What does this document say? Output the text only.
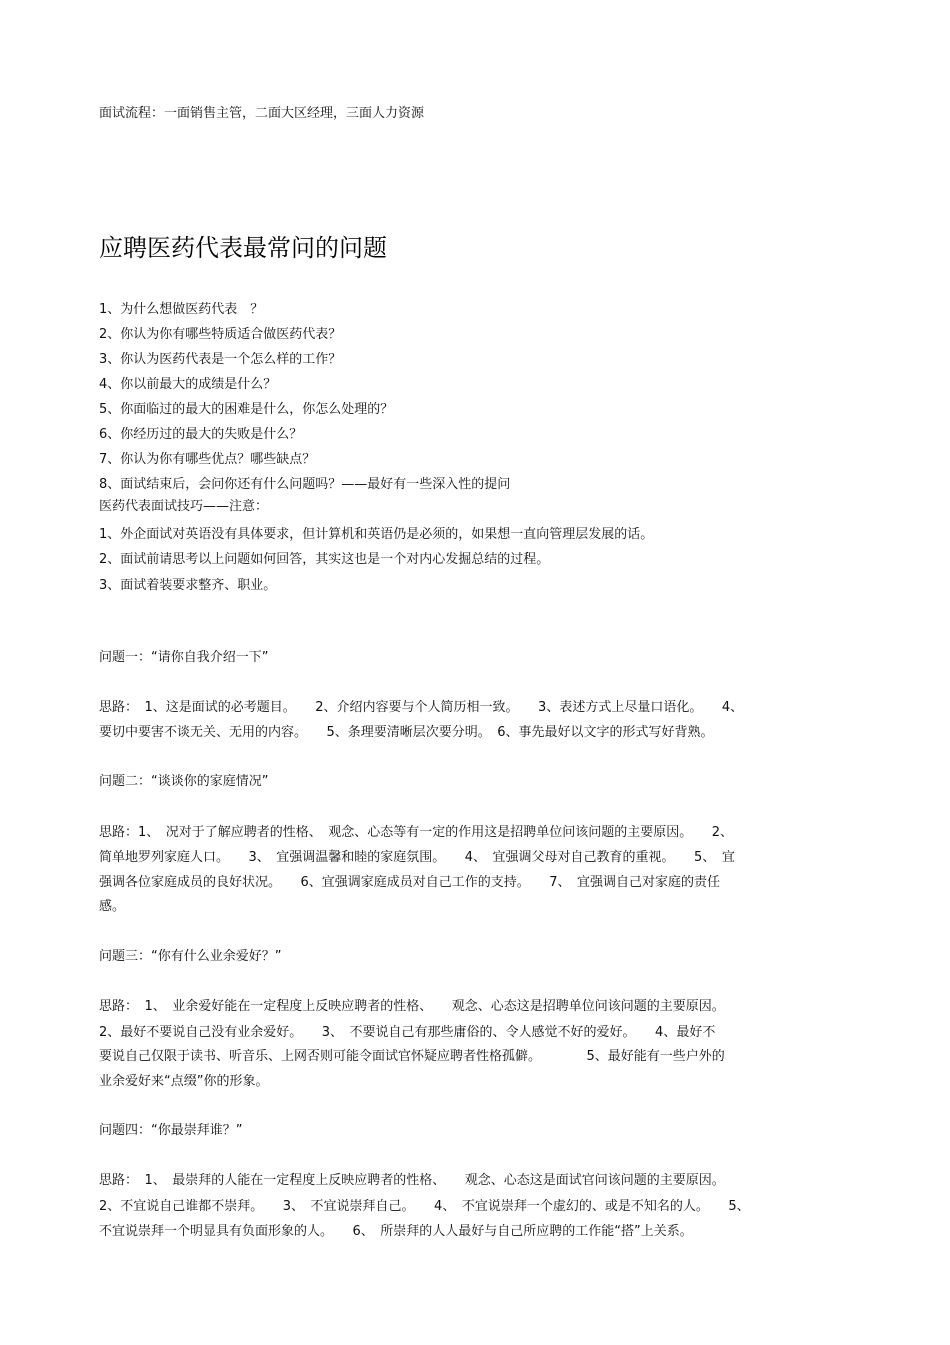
面试流程：一面销售主管，二面大区经理，三面人力资源
应聘医药代表最常问的问题
1、为什么想做医药代表　？
2、你认为你有哪些特质适合做医药代表？
3、你认为医药代表是一个怎么样的工作？
4、你以前最大的成绩是什么？
5、你面临过的最大的困难是什么，你怎么处理的？
6、你经历过的最大的失败是什么？
7、你认为你有哪些优点？哪些缺点？
8、面试结束后，会问你还有什么问题吗？——最好有一些深入性的提问
医药代表面试技巧——注意：
1、外企面试对英语没有具体要求，但计算机和英语仍是必须的，如果想一直向管理层发展的话。
2、面试前请思考以上问题如何回答，其实这也是一个对内心发掘总结的过程。
3、面试着装要求整齐、职业。
问题一：“请你自我介绍一下”
思路：　1、这是面试的必考题目。　　2、介绍内容要与个人简历相一致。　　3、表述方式上尽量口语化。　　4、
要切中要害不谈无关、无用的内容。　　5、条理要清晰层次要分明。　6、事先最好以文字的形式写好背熟。
问题二：“谈谈你的家庭情况”
思路：1、　况对于了解应聘者的性格、　观念、心态等有一定的作用这是招聘单位问该问题的主要原因。　　2、
简单地罗列家庭人口。　　3、　宜强调温馨和睦的家庭氛围。　　4、　宜强调父母对自己教育的重视。　　5、　宜
强调各位家庭成员的良好状况。　　6、宜强调家庭成员对自己工作的支持。　　7、　宜强调自己对家庭的责任
感。
问题三：“你有什么业余爱好？”
思路：　1、　业余爱好能在一定程度上反映应聘者的性格、　　观念、心态这是招聘单位问该问题的主要原因。
2、最好不要说自己没有业余爱好。　　3、　不要说自己有那些庸俗的、令人感觉不好的爱好。　　4、最好不
要说自己仅限于读书、听音乐、上网否则可能令面试官怀疑应聘者性格孤僻。　　　　5、最好能有一些户外的
业余爱好来“点缀”你的形象。
问题四：“你最崇拜谁？”
思路：　1、　最崇拜的人能在一定程度上反映应聘者的性格、　　观念、心态这是面试官问该问题的主要原因。
2、不宜说自己谁都不崇拜。　　3、　不宜说崇拜自己。　　4、　不宜说崇拜一个虚幻的、或是不知名的人。　　5、
不宜说崇拜一个明显具有负面形象的人。　　6、　所崇拜的人人最好与自己所应聘的工作能“搭”上关系。
